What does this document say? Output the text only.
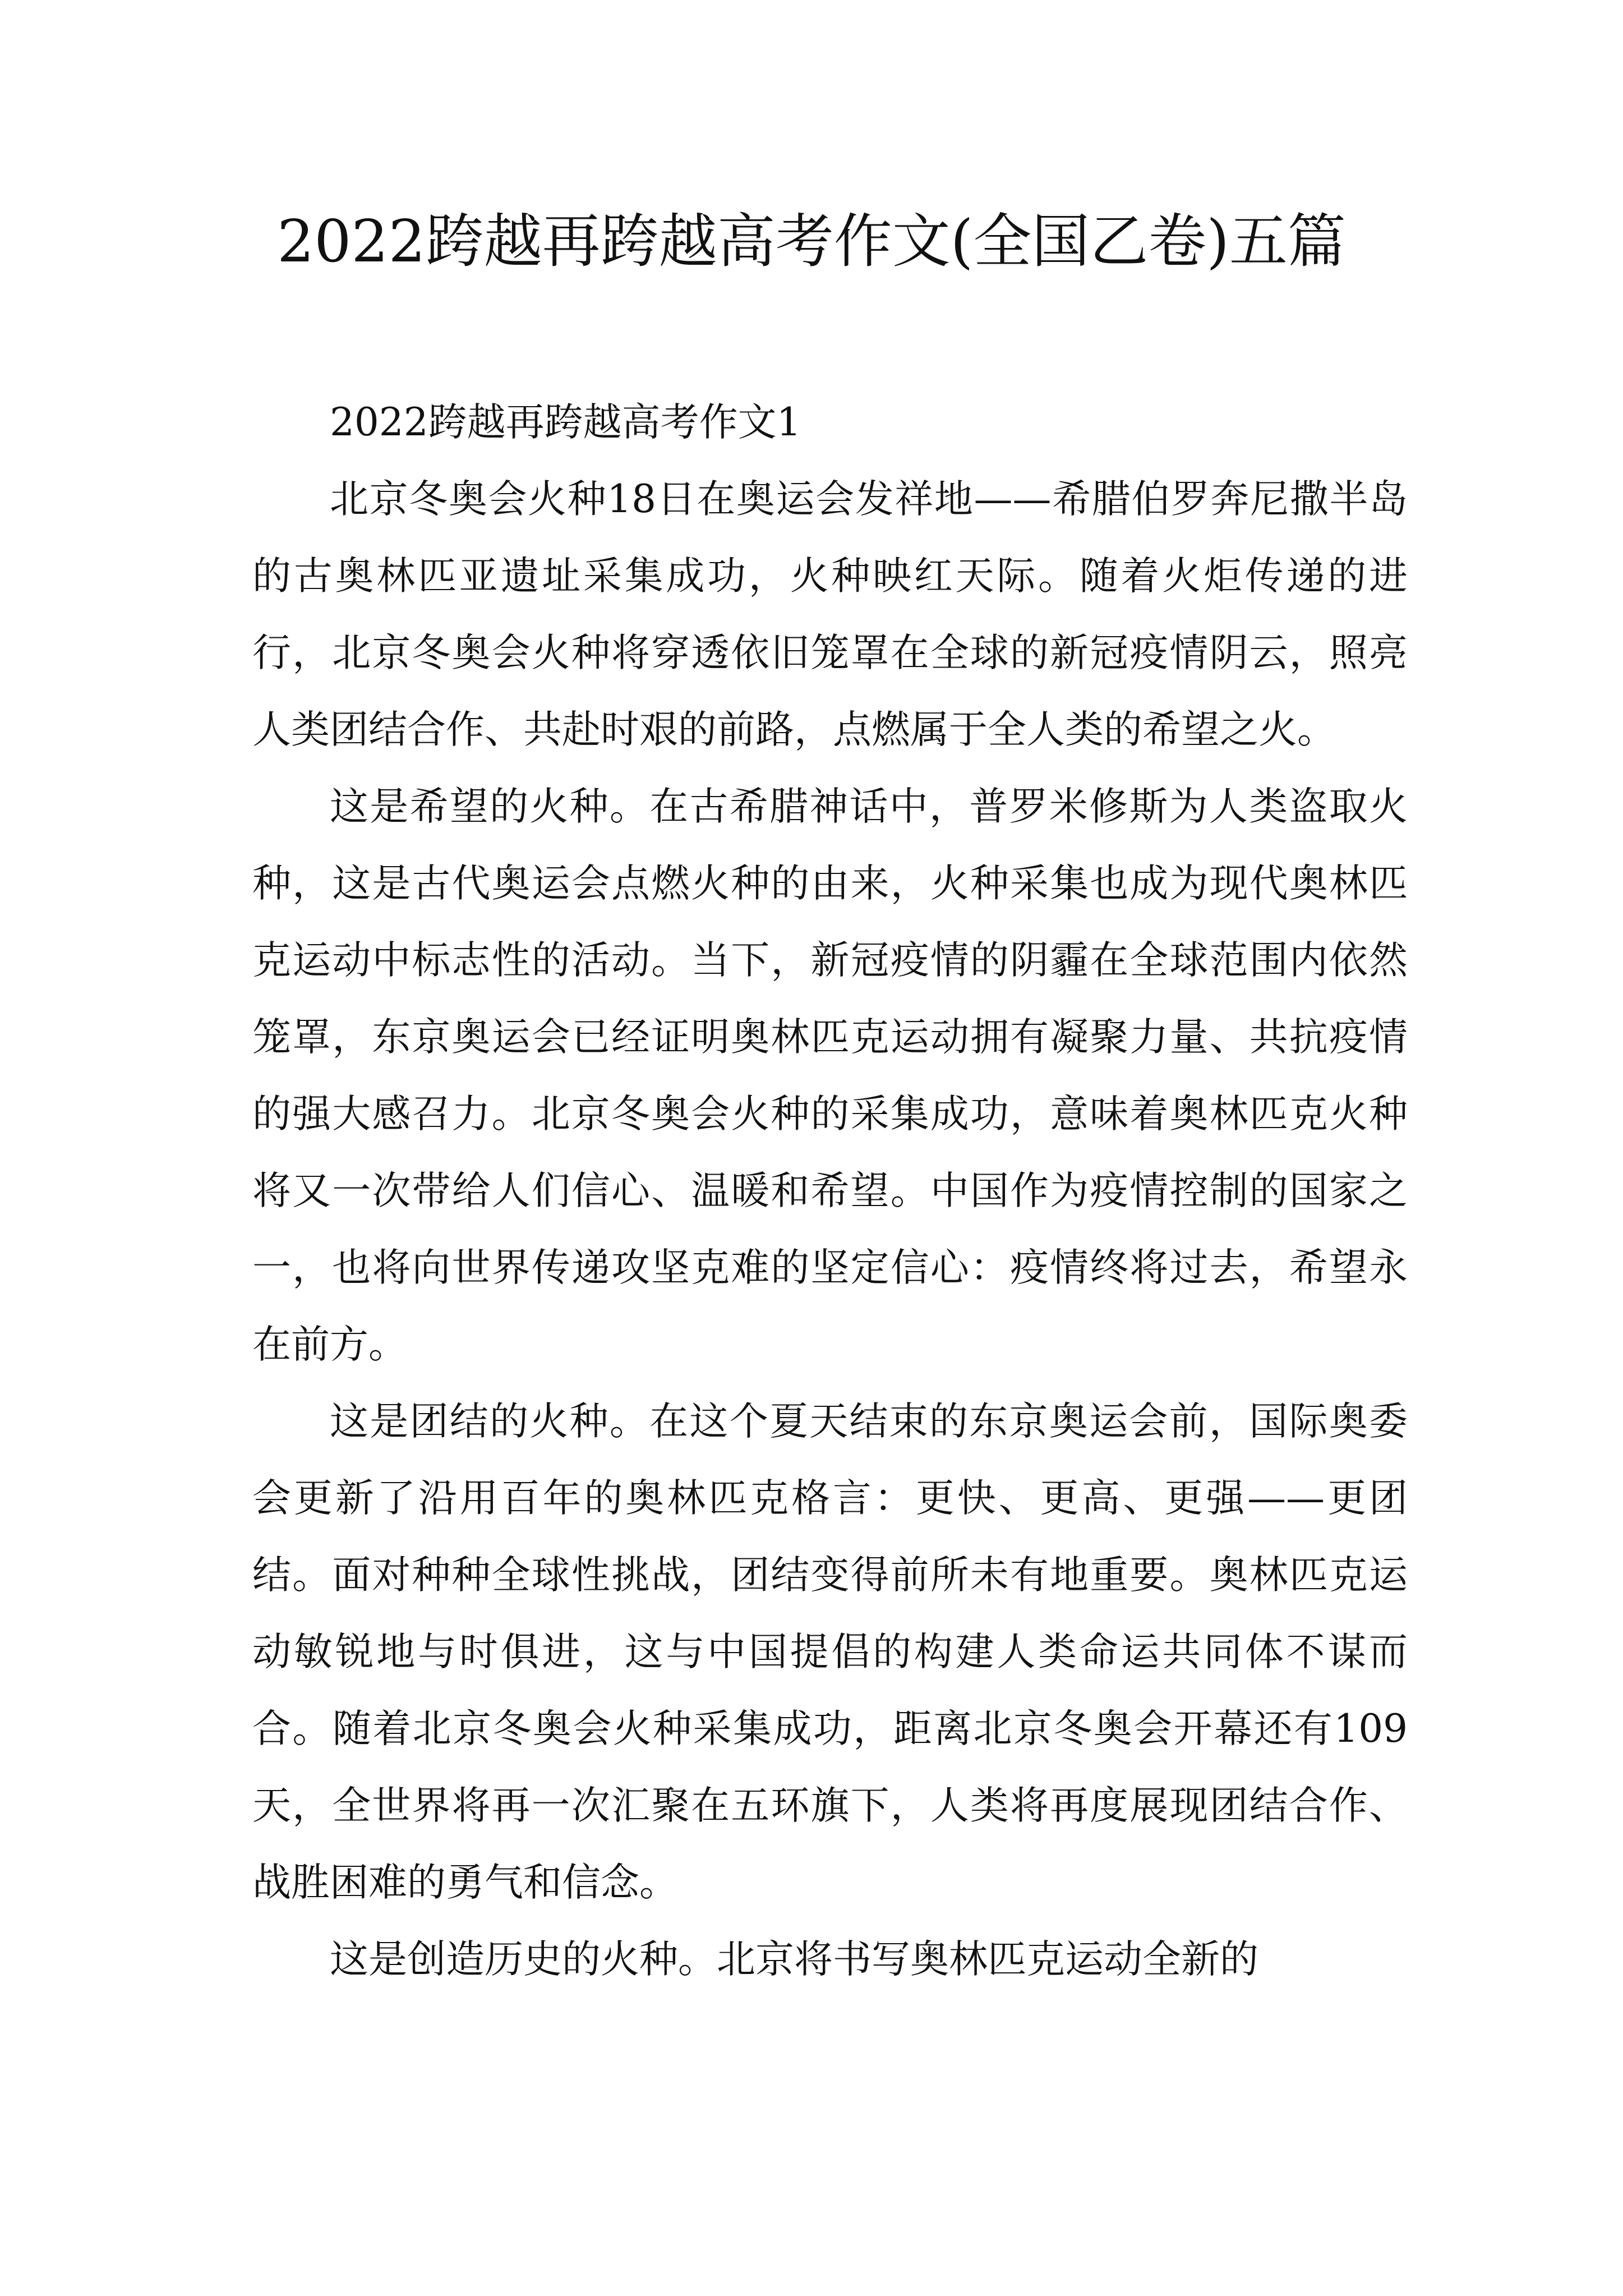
2022跨越再跨越高考作文(全国乙卷)五篇
2022跨越再跨越高考作文1

北京冬奥会火种18日在奥运会发祥地——希腊伯罗奔尼撒半岛的古奥林匹亚遗址采集成功，火种映红天际。随着火炬传递的进行，北京冬奥会火种将穿透依旧笼罩在全球的新冠疫情阴云，照亮人类团结合作、共赴时艰的前路，点燃属于全人类的希望之火。

这是希望的火种。在古希腊神话中，普罗米修斯为人类盗取火种，这是古代奥运会点燃火种的由来，火种采集也成为现代奥林匹克运动中标志性的活动。当下，新冠疫情的阴霾在全球范围内依然笼罩，东京奥运会已经证明奥林匹克运动拥有凝聚力量、共抗疫情的强大感召力。北京冬奥会火种的采集成功，意味着奥林匹克火种将又一次带给人们信心、温暖和希望。中国作为疫情控制的国家之一，也将向世界传递攻坚克难的坚定信心：疫情终将过去，希望永在前方。

这是团结的火种。在这个夏天结束的东京奥运会前，国际奥委会更新了沿用百年的奥林匹克格言：更快、更高、更强——更团结。面对种种全球性挑战，团结变得前所未有地重要。奥林匹克运动敏锐地与时俱进，这与中国提倡的构建人类命运共同体不谋而合。随着北京冬奥会火种采集成功，距离北京冬奥会开幕还有109天，全世界将再一次汇聚在五环旗下，人类将再度展现团结合作、战胜困难的勇气和信念。

这是创造历史的火种。北京将书写奥林匹克运动全新的
